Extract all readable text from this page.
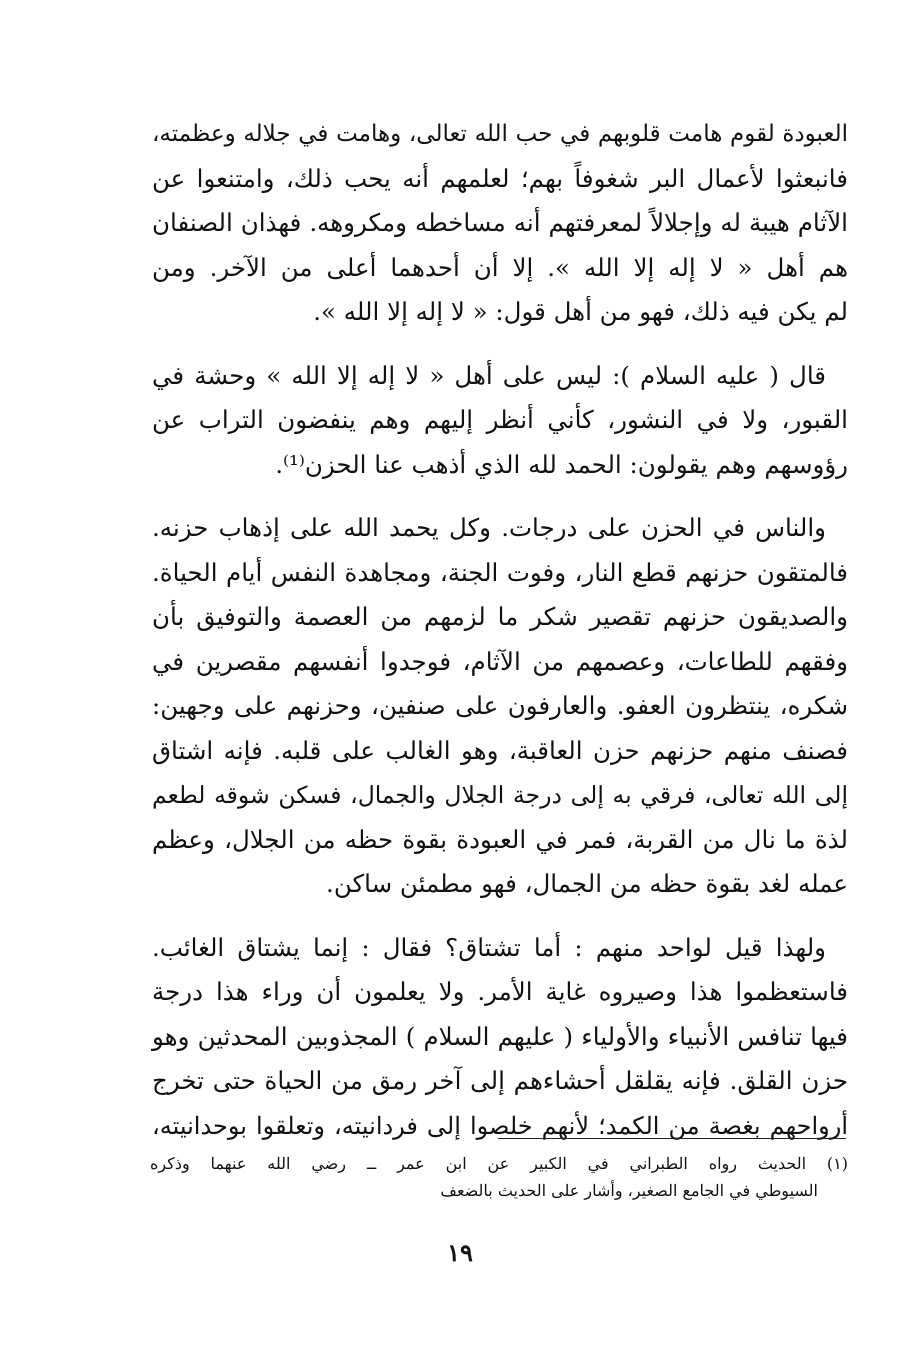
العبودة لقوم هامت قلوبهم في حب الله تعالى، وهامت في جلاله وعظمته،
فانبعثوا لأعمال البر شغوفاً بهم؛ لعلمهم أنه يحب ذلك، وامتنعوا عن
الآثام هيبة له وإجلالاً لمعرفتهم أنه مساخطه ومكروهه. فهذان الصنفان
هم أهل « لا إله إلا الله ». إلا أن أحدهما أعلى من الآخر. ومن
لم يكن فيه ذلك، فهو من أهل قول: « لا إله إلا الله ».

قال ( عليه السلام ): ليس على أهل « لا إله إلا الله » وحشة في
القبور، ولا في النشور، كأني أنظر إليهم وهم ينفضون التراب عن
رؤوسهم وهم يقولون: الحمد لله الذي أذهب عنا الحزن⁽¹⁾.

والناس في الحزن على درجات. وكل يحمد الله على إذهاب حزنه.
فالمتقون حزنهم قطع النار، وفوت الجنة، ومجاهدة النفس أيام الحياة.
والصديقون حزنهم تقصير شكر ما لزمهم من العصمة والتوفيق بأن
وفقهم للطاعات، وعصمهم من الآثام، فوجدوا أنفسهم مقصرين في
شكره، ينتظرون العفو. والعارفون على صنفين، وحزنهم على وجهين:
فصنف منهم حزنهم حزن العاقبة، وهو الغالب على قلبه. فإنه اشتاق
إلى الله تعالى، فرقي به إلى درجة الجلال والجمال، فسكن شوقه لطعم
لذة ما نال من القربة، فمر في العبودة بقوة حظه من الجلال، وعظم
عمله لغد بقوة حظه من الجمال، فهو مطمئن ساكن.

ولهذا قيل لواحد منهم : أما تشتاق؟ فقال : إنما يشتاق الغائب.
فاستعظموا هذا وصيروه غاية الأمر. ولا يعلمون أن وراء هذا درجة
فيها تنافس الأنبياء والأولياء ( عليهم السلام ) المجذوبين المحدثين وهو
حزن القلق. فإنه يقلقل أحشاءهم إلى آخر رمق من الحياة حتى تخرج
أرواحهم بغصة من الكمد؛ لأنهم خلصوا إلى فردانيته، وتعلقوا بوحدانيته،

(١) الحديث رواه الطبراني في الكبير عن ابن عمر ــ رضي الله عنهما وذكره
السيوطي في الجامع الصغير، وأشار على الحديث بالضعف
١٩
